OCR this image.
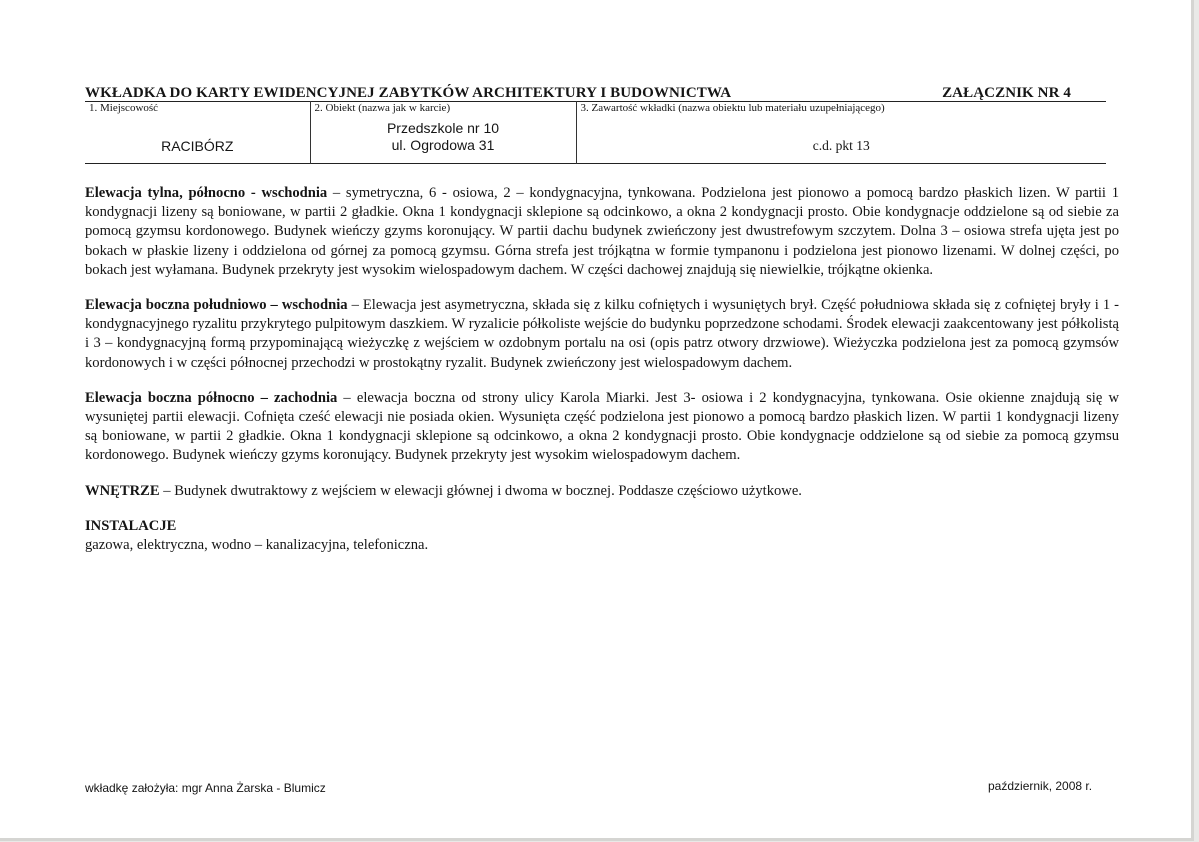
WKŁADKA DO KARTY EWIDENCYJNEJ ZABYTKÓW ARCHITEKTURY I BUDOWNICTWA	ZAŁĄCZNIK NR 4
1. Miejscowość
RACIBÓRZ

2. Obiekt (nazwa jak w karcie)
Przedszkole nr 10
ul. Ogrodowa 31

3. Zawartość wkładki (nazwa obiektu lub materiału uzupełniającego)
c.d. pkt 13

Elewacja tylna, północno - wschodnia – symetryczna, 6 - osiowa, 2 – kondygnacyjna, tynkowana. Podzielona jest pionowo a pomocą bardzo płaskich lizen. W partii 1 kondygnacji lizeny są boniowane, w partii 2 gładkie. Okna 1 kondygnacji sklepione są odcinkowo, a okna 2 kondygnacji prosto. Obie kondygnacje oddzielone są od siebie za pomocą gzymsu kordonowego. Budynek wieńczy gzyms koronujący. W partii dachu budynek zwieńczony jest dwustrefowym szczytem. Dolna 3 – osiowa strefa ujęta jest po bokach w płaskie lizeny i oddzielona od górnej za pomocą gzymsu. Górna strefa jest trójkątna w formie tympanonu i podzielona jest pionowo lizenami. W dolnej części, po bokach jest wyłamana. Budynek przekryty jest wysokim wielospadowym dachem. W części dachowej znajdują się niewielkie, trójkątne okienka.

Elewacja boczna południowo – wschodnia – Elewacja jest asymetryczna, składa się z kilku cofniętych i wysuniętych brył. Część południowa składa się z cofniętej bryły i 1 - kondygnacyjnego ryzalitu przykrytego pulpitowym daszkiem. W ryzalicie półkoliste wejście do budynku poprzedzone schodami. Środek elewacji zaakcentowany jest półkolistą i 3 – kondygnacyjną formą przypominającą wieżyczkę z wejściem w ozdobnym portalu na osi (opis patrz otwory drzwiowe). Wieżyczka podzielona jest za pomocą gzymsów kordonowych i w części północnej przechodzi w prostokątny ryzalit. Budynek zwieńczony jest wielospadowym dachem.

Elewacja boczna północno – zachodnia – elewacja boczna od strony ulicy Karola Miarki. Jest 3- osiowa i 2 kondygnacyjna, tynkowana. Osie okienne znajdują się w wysuniętej partii elewacji. Cofnięta cześć elewacji nie posiada okien. Wysunięta część podzielona jest pionowo a pomocą bardzo płaskich lizen. W partii 1 kondygnacji lizeny są boniowane, w partii 2 gładkie. Okna 1 kondygnacji sklepione są odcinkowo, a okna 2 kondygnacji prosto. Obie kondygnacje oddzielone są od siebie za pomocą gzymsu kordonowego. Budynek wieńczy gzyms koronujący. Budynek przekryty jest wysokim wielospadowym dachem.

WNĘTRZE – Budynek dwutraktowy z wejściem w elewacji głównej i dwoma w bocznej. Poddasze częściowo użytkowe.

INSTALACJE
gazowa, elektryczna, wodno – kanalizacyjna, telefoniczna.

wkładkę założyła: mgr Anna Żarska - Blumicz	październik, 2008 r.
